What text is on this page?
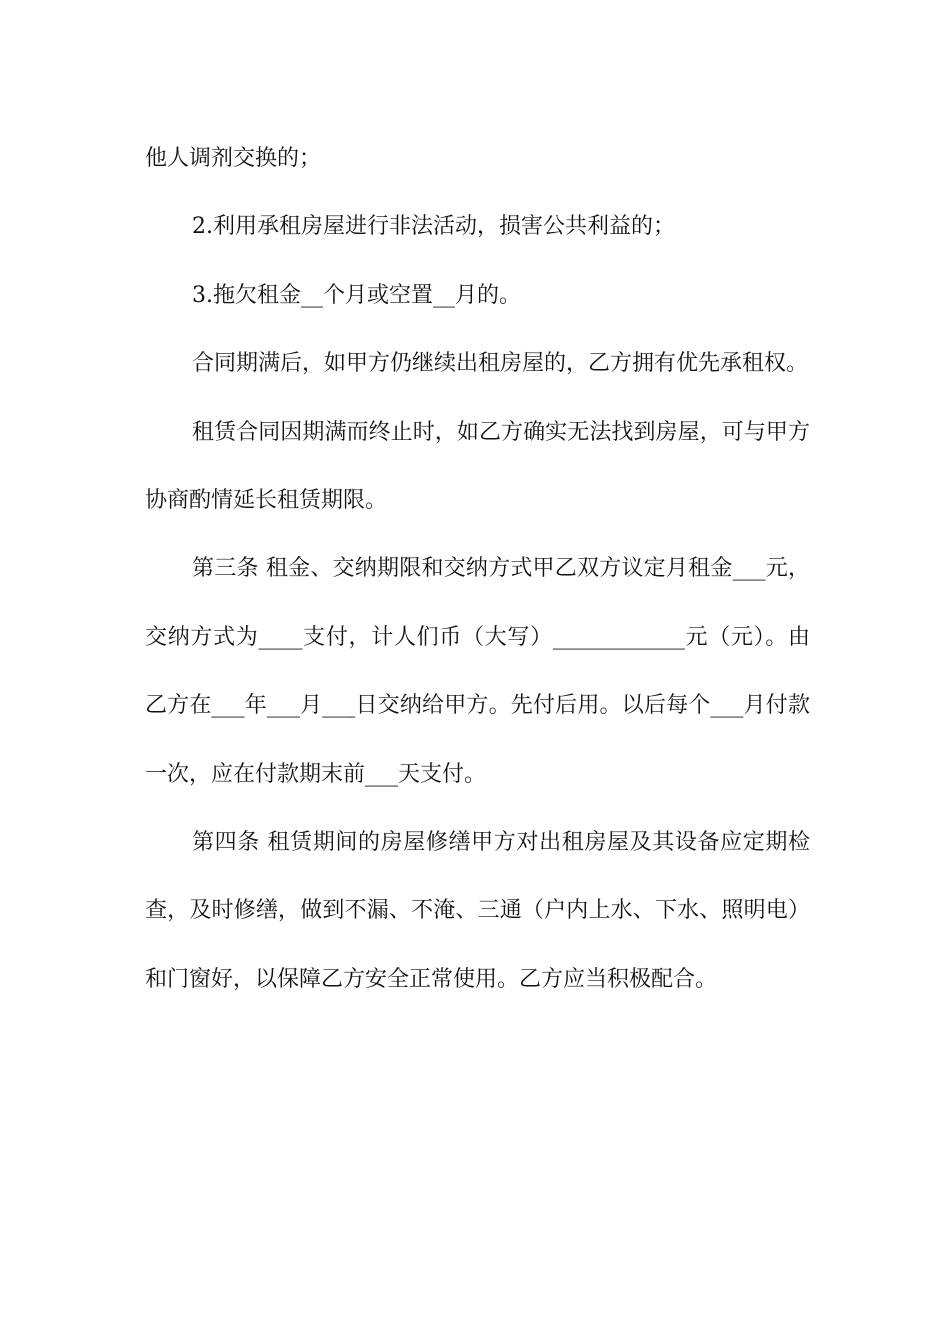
他人调剂交换的；

2.利用承租房屋进行非法活动，损害公共利益的；

3.拖欠租金__个月或空置__月的。

合同期满后，如甲方仍继续出租房屋的，乙方拥有优先承租权。

租赁合同因期满而终止时，如乙方确实无法找到房屋，可与甲方协商酌情延长租赁期限。

第三条 租金、交纳期限和交纳方式甲乙双方议定月租金___元，交纳方式为____支付，计人们币（大写）____________元（元）。由乙方在___年___月___日交纳给甲方。先付后用。以后每个___月付款一次，应在付款期末前___天支付。

第四条 租赁期间的房屋修缮甲方对出租房屋及其设备应定期检查，及时修缮，做到不漏、不淹、三通（户内上水、下水、照明电）和门窗好，以保障乙方安全正常使用。乙方应当积极配合。
